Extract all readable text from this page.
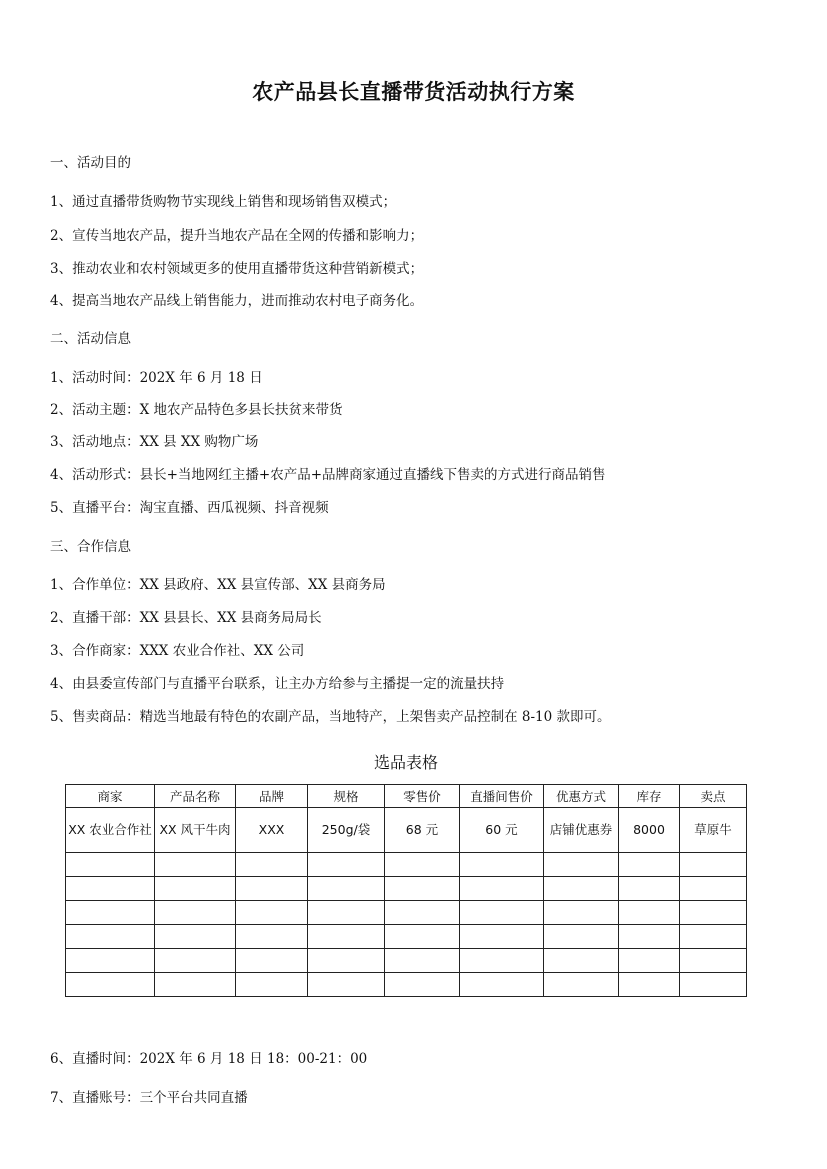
农产品县长直播带货活动执行方案
一、活动目的
1、通过直播带货购物节实现线上销售和现场销售双模式；
2、宣传当地农产品，提升当地农产品在全网的传播和影响力；
3、推动农业和农村领域更多的使用直播带货这种营销新模式；
4、提高当地农产品线上销售能力，进而推动农村电子商务化。
二、活动信息
1、活动时间：202X 年 6 月 18 日
2、活动主题：X 地农产品特色多县长扶贫来带货
3、活动地点：XX 县 XX 购物广场
4、活动形式：县长+当地网红主播+农产品+品牌商家通过直播线下售卖的方式进行商品销售
5、直播平台：淘宝直播、西瓜视频、抖音视频
三、合作信息
1、合作单位：XX 县政府、XX 县宣传部、XX 县商务局
2、直播干部：XX 县县长、XX 县商务局局长
3、合作商家：XXX 农业合作社、XX 公司
4、由县委宣传部门与直播平台联系，让主办方给参与主播提一定的流量扶持
5、售卖商品：精选当地最有特色的农副产品，当地特产，上架售卖产品控制在 8-10 款即可。
选品表格
商家	产品名称	品牌	规格	零售价	直播间售价	优惠方式	库存	卖点
XX 农业合作社	XX 风干牛肉	XXX	250g/袋	68 元	60 元	店铺优惠券	8000	草原牛

6、直播时间：202X 年 6 月 18 日 18：00-21：00
7、直播账号：三个平台共同直播
